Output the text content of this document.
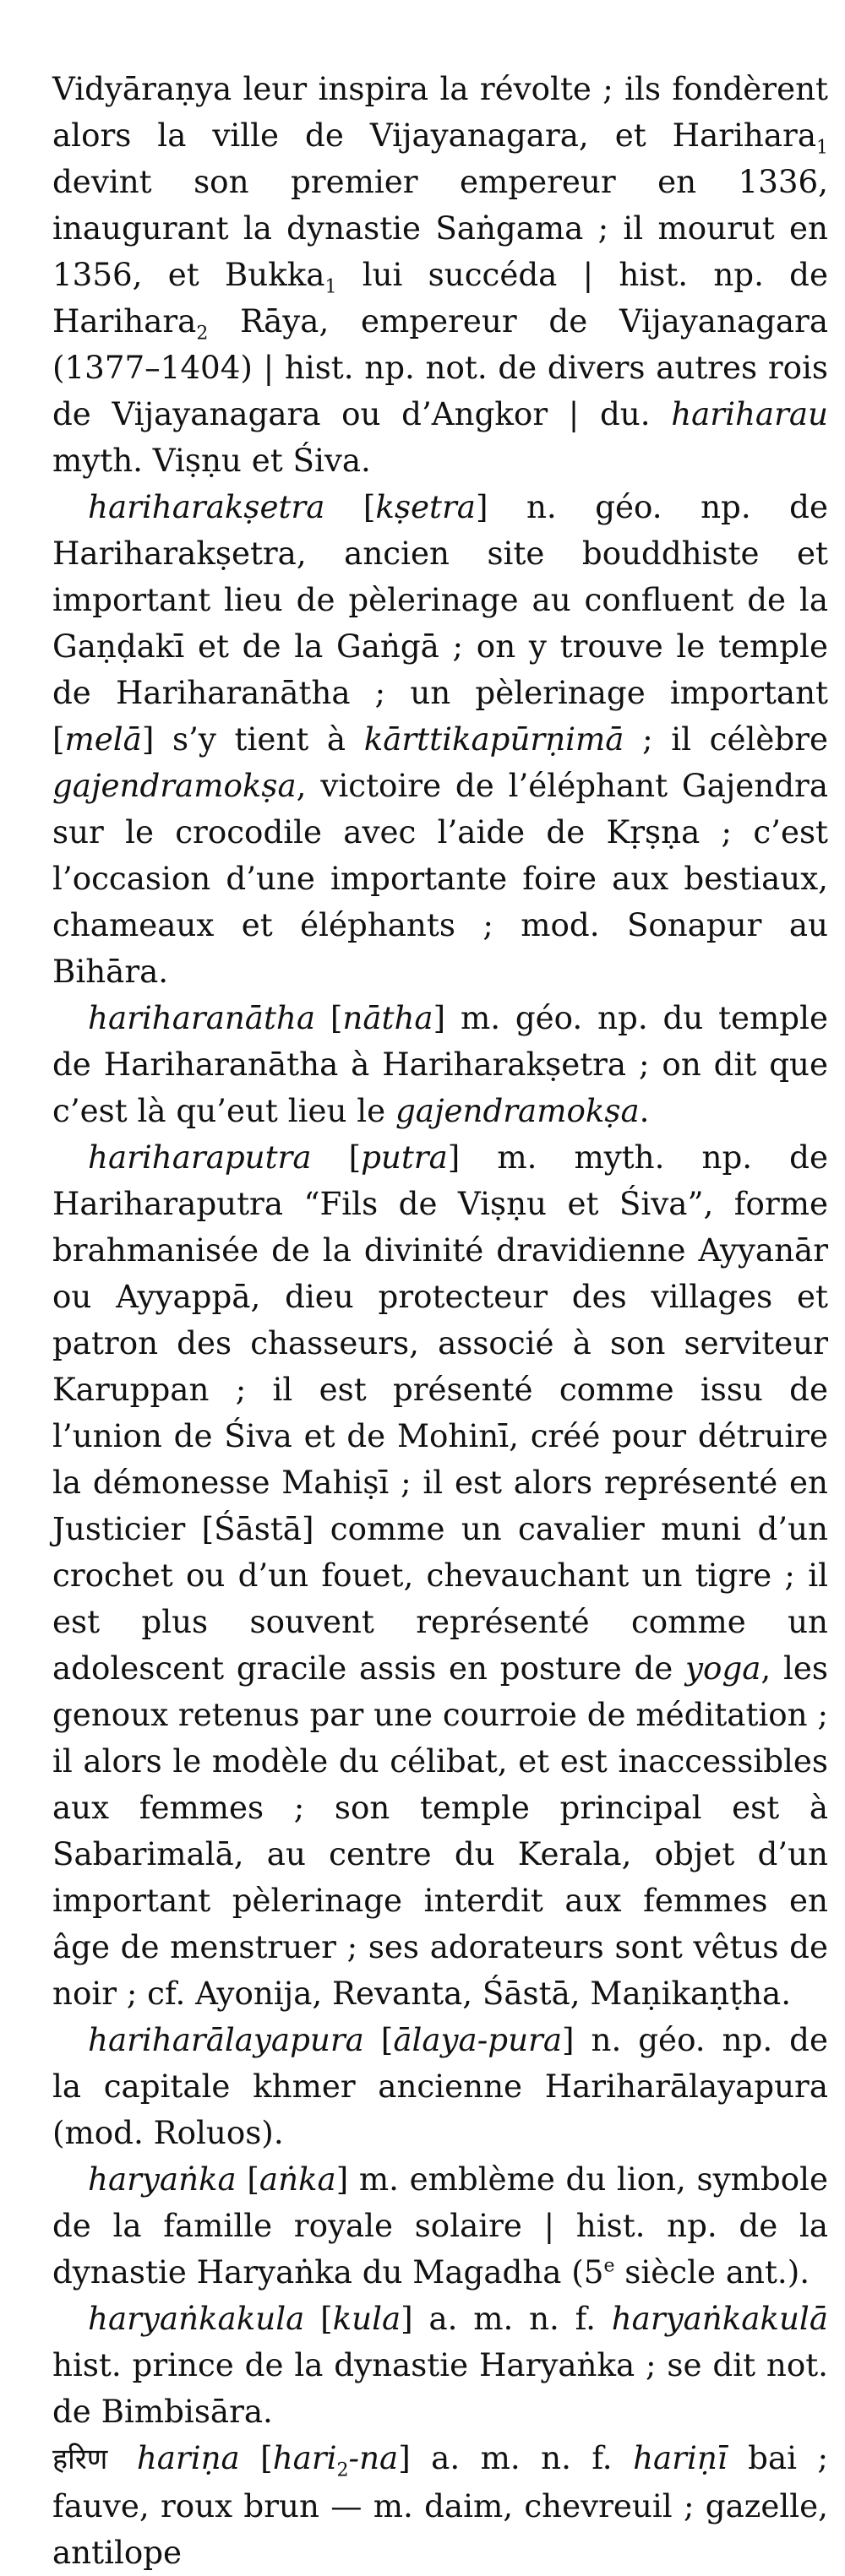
Vidyāraṇya leur inspira la révolte ; ils fondèrent alors la ville de Vijayanagara, et Harihara$_1$ devint son premier empereur en 1336, inaugurant la dynastie Saṅgama ; il mourut en 1356, et Bukka$_1$ lui succéda | hist. np. de Harihara$_2$ Rāya, empereur de Vijayanagara (1377–1404) | hist. np. not. de divers autres rois de Vijayanagara ou d’Angkor | du. hariharau myth. Viṣṇu et Śiva.

hariharakṣetra [kṣetra] n. géo. np. de Hariharakṣetra, ancien site bouddhiste et important lieu de pèlerinage au confluent de la Gaṇḍakī et de la Gaṅgā ; on y trouve le temple de Hariharanātha ; un pèlerinage important [melā] s’y tient à kārttikapūrṇimā ; il célèbre gajendramokṣa, victoire de l’éléphant Gajendra sur le crocodile avec l’aide de Kṛṣṇa ; c’est l’occasion d’une importante foire aux bestiaux, chameaux et éléphants ; mod. Sonapur au Bihāra.

hariharanātha [nātha] m. géo. np. du temple de Hariharanātha à Hariharakṣetra ; on dit que c’est là qu’eut lieu le gajendramokṣa.

hariharaputra [putra] m. myth. np. de Hariharaputra “Fils de Viṣṇu et Śiva”, forme brahmanisée de la divinité dravidienne Ayyanār ou Ayyappā, dieu protecteur des villages et patron des chasseurs, associé à son serviteur Karuppan ; il est présenté comme issu de l’union de Śiva et de Mohinī, créé pour détruire la démonesse Mahiṣī ; il est alors représenté en Justicier [Śāstā] comme un cavalier muni d’un crochet ou d’un fouet, chevauchant un tigre ; il est plus souvent représenté comme un adolescent gracile assis en posture de yoga, les genoux retenus par une courroie de méditation ; il alors le modèle du célibat, et est inaccessibles aux femmes ; son temple principal est à Sabarimalā, au centre du Kerala, objet d’un important pèlerinage interdit aux femmes en âge de menstruer ; ses adorateurs sont vêtus de noir ; cf. Ayonija, Revanta, Śāstā, Maṇikaṇṭha.

hariharālayapura [ālaya-pura] n. géo. np. de la capitale khmer ancienne Hariharālayapura (mod. Roluos).

haryaṅka [aṅka] m. emblème du lion, symbole de la famille royale solaire | hist. np. de la dynastie Haryaṅka du Magadha (5e siècle ant.).

haryaṅkakula [kula] a. m. n. f. haryaṅkakulā hist. prince de la dynastie Haryaṅka ; se dit not. de Bimbisāra.

हरिण hariṇa [hari$_2$-na] a. m. n. f. hariṇī bai ; fauve, roux brun — m. daim, chevreuil ; gazelle, antilope
